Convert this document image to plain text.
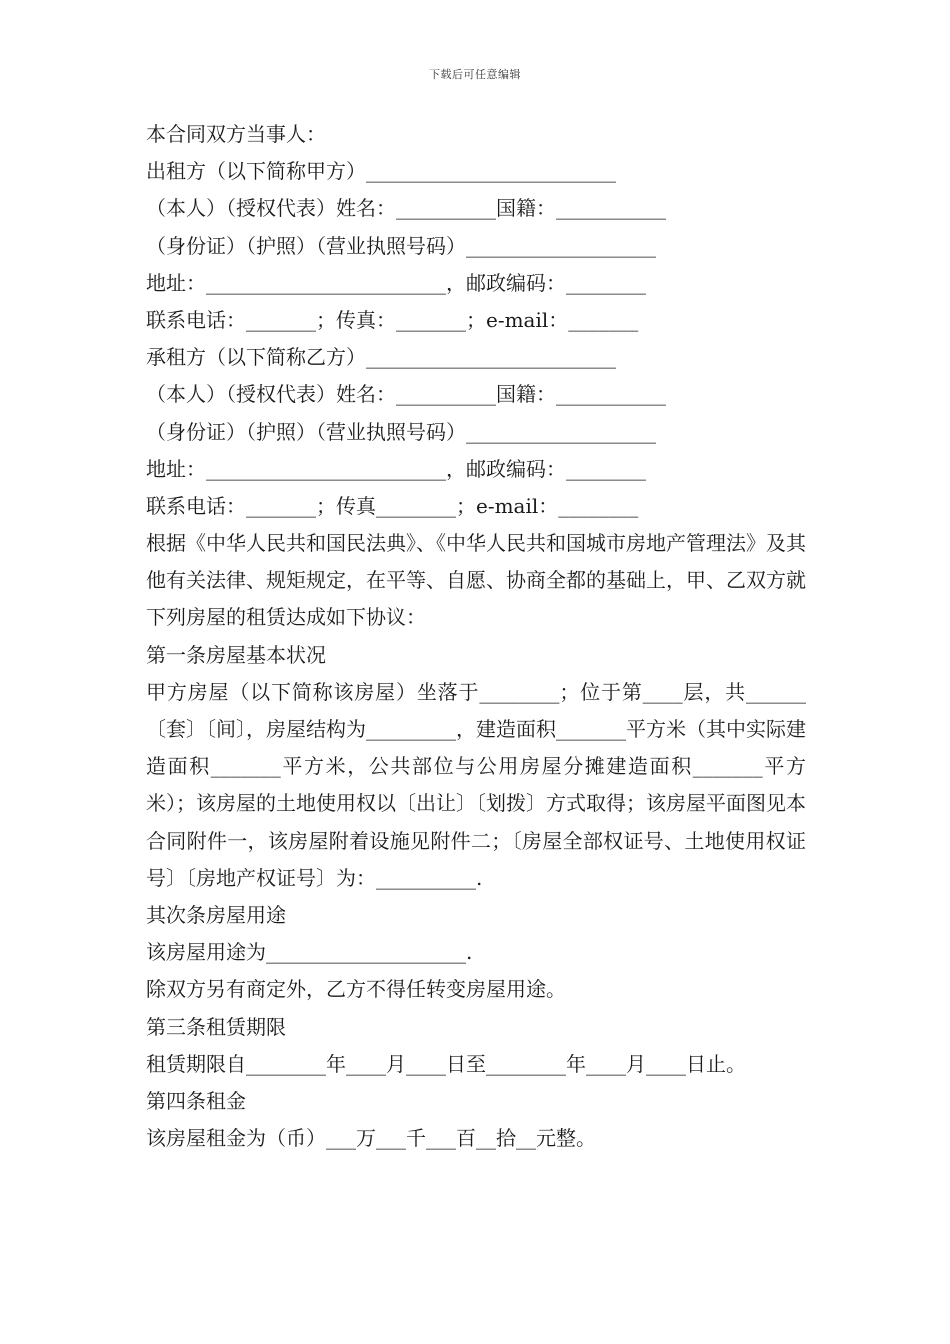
下载后可任意编辑
本合同双方当事人：
出租方（以下简称甲方）_________________________
（本人）（授权代表）姓名：__________国籍：___________
（身份证）（护照）（营业执照号码）___________________
地址：________________________，邮政编码：________
联系电话：_______；传真：_______；e-mail：_______
承租方（以下简称乙方）_________________________
（本人）（授权代表）姓名：__________国籍：___________
（身份证）（护照）（营业执照号码）___________________
地址：________________________，邮政编码：________
联系电话：_______；传真________；e-mail：________
根据《中华人民共和国民法典》、《中华人民共和国城市房地产管理法》及其他有关法律、规矩规定，在平等、自愿、协商全都的基础上，甲、乙双方就下列房屋的租赁达成如下协议：
第一条房屋基本状况
甲方房屋（以下简称该房屋）坐落于________；位于第____层，共______〔套〕〔间〕，房屋结构为_________，建造面积_______平方米（其中实际建造面积_______平方米，公共部位与公用房屋分摊建造面积_______平方米）；该房屋的土地使用权以〔出让〕〔划拨〕方式取得；该房屋平面图见本合同附件一，该房屋附着设施见附件二；〔房屋全部权证号、土地使用权证号〕〔房地产权证号〕为：__________.
其次条房屋用途
该房屋用途为____________________.
除双方另有商定外，乙方不得任转变房屋用途。
第三条租赁期限
租赁期限自________年____月____日至________年____月____日止。
第四条租金
该房屋租金为（币）___万___千___百__拾__元整。
